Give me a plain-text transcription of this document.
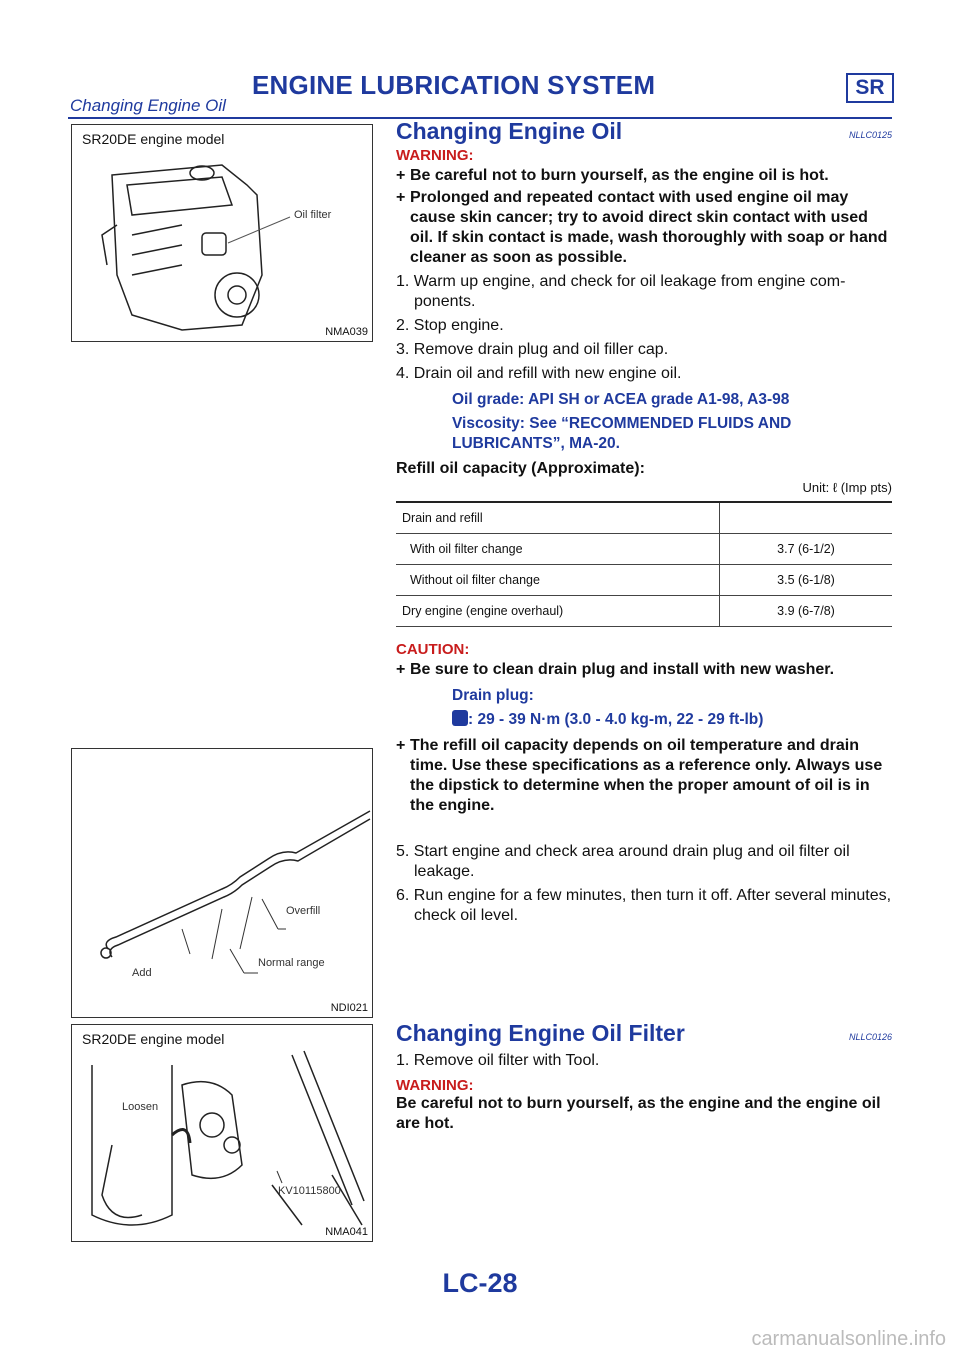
ENGINE LUBRICATION SYSTEM	SR
Changing Engine Oil
SR20DE engine model
Oil filter
NMA039
Overfill
Normal range
Add
NDI021
SR20DE engine model
Loosen
KV10115800
NMA041
Changing Engine Oil	NLLC0125
WARNING:
+ Be careful not to burn yourself, as the engine oil is hot.
+ Prolonged and repeated contact with used engine oil may cause skin cancer; try to avoid direct skin contact with used oil. If skin contact is made, wash thoroughly with soap or hand cleaner as soon as possible.
1. Warm up engine, and check for oil leakage from engine com-ponents.
2. Stop engine.
3. Remove drain plug and oil filler cap.
4. Drain oil and refill with new engine oil.
Oil grade: API SH or ACEA grade A1-98, A3-98
Viscosity: See “RECOMMENDED FLUIDS AND LUBRICANTS”, MA-20.
Refill oil capacity (Approximate):
Unit: ℓ (Imp pts)
Drain and refill	
With oil filter change	3.7 (6-1/2)
Without oil filter change	3.5 (6-1/8)
Dry engine (engine overhaul)	3.9 (6-7/8)
CAUTION:
+ Be sure to clean drain plug and install with new washer.
Drain plug:
: 29 - 39 N·m (3.0 - 4.0 kg-m, 22 - 29 ft-lb)
+ The refill oil capacity depends on oil temperature and drain time. Use these specifications as a reference only. Always use the dipstick to determine when the proper amount of oil is in the engine.
5. Start engine and check area around drain plug and oil filter oil leakage.
6. Run engine for a few minutes, then turn it off. After several minutes, check oil level.
Changing Engine Oil Filter	NLLC0126
1. Remove oil filter with Tool.
WARNING:
Be careful not to burn yourself, as the engine and the engine oil are hot.
LC-28
carmanualsonline.info
